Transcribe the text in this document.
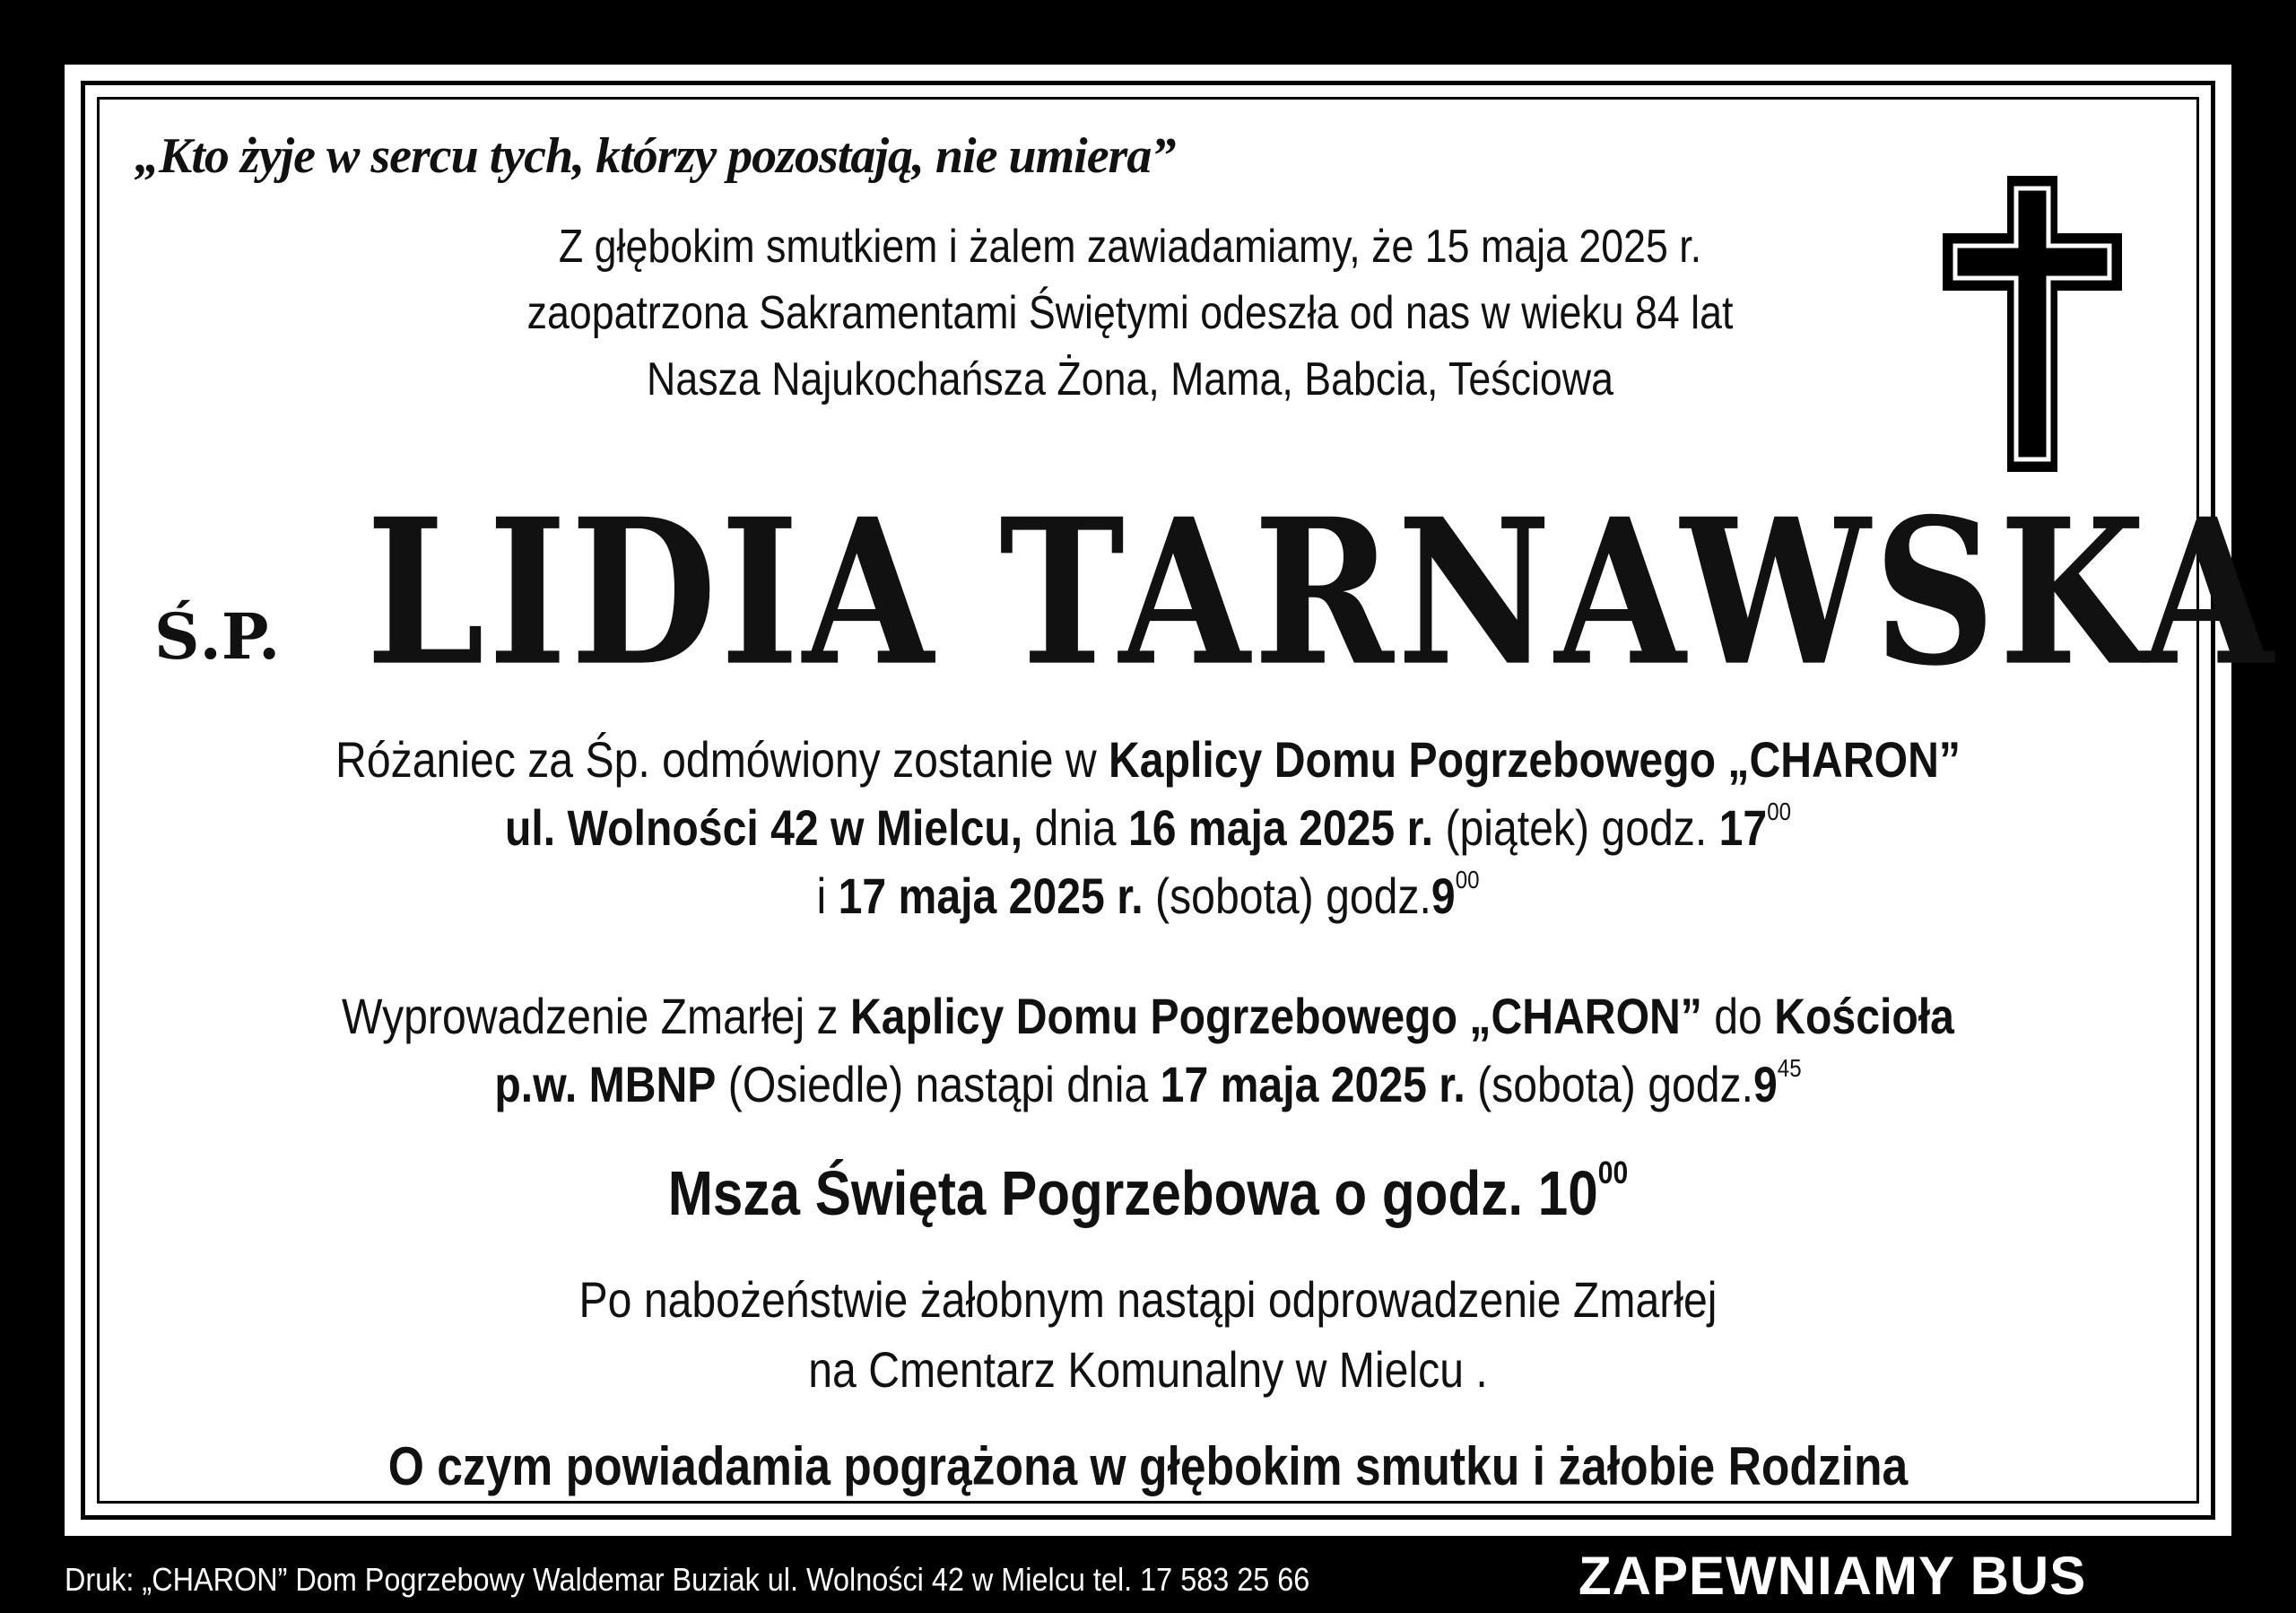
„Kto żyje w sercu tych, którzy pozostają, nie umiera”
Z głębokim smutkiem i żalem zawiadamiamy, że 15 maja 2025 r.
zaopatrzona Sakramentami Świętymi odeszła od nas w wieku 84 lat
Nasza Najukochańsza Żona, Mama, Babcia, Teściowa
Ś.P. LIDIA TARNAWSKA
Różaniec za Śp. odmówiony zostanie w Kaplicy Domu Pogrzebowego „CHARON”
ul. Wolności 42 w Mielcu, dnia 16 maja 2025 r. (piątek) godz. $17^{00}$
i 17 maja 2025 r. (sobota) $godz.9^{00}$
Wyprowadzenie Zmarłej z Kaplicy Domu Pogrzebowego „CHARON” do Kościoła
p.w. MBNP (Osiedle) nastąpi dnia 17 maja 2025 r. (sobota) $godz.9^{45}$
Msza Święta Pogrzebowa o godz. $10^{00}$
Po nabożeństwie żałobnym nastąpi odprowadzenie Zmarłej
na Cmentarz Komunalny w Mielcu .
O czym powiadamia pogrążona w głębokim smutku i żałobie Rodzina
Druk: „CHARON” Dom Pogrzebowy Waldemar Buziak ul. Wolności 42 w Mielcu tel. 17 583 25 66	ZAPEWNIAMY BUS
